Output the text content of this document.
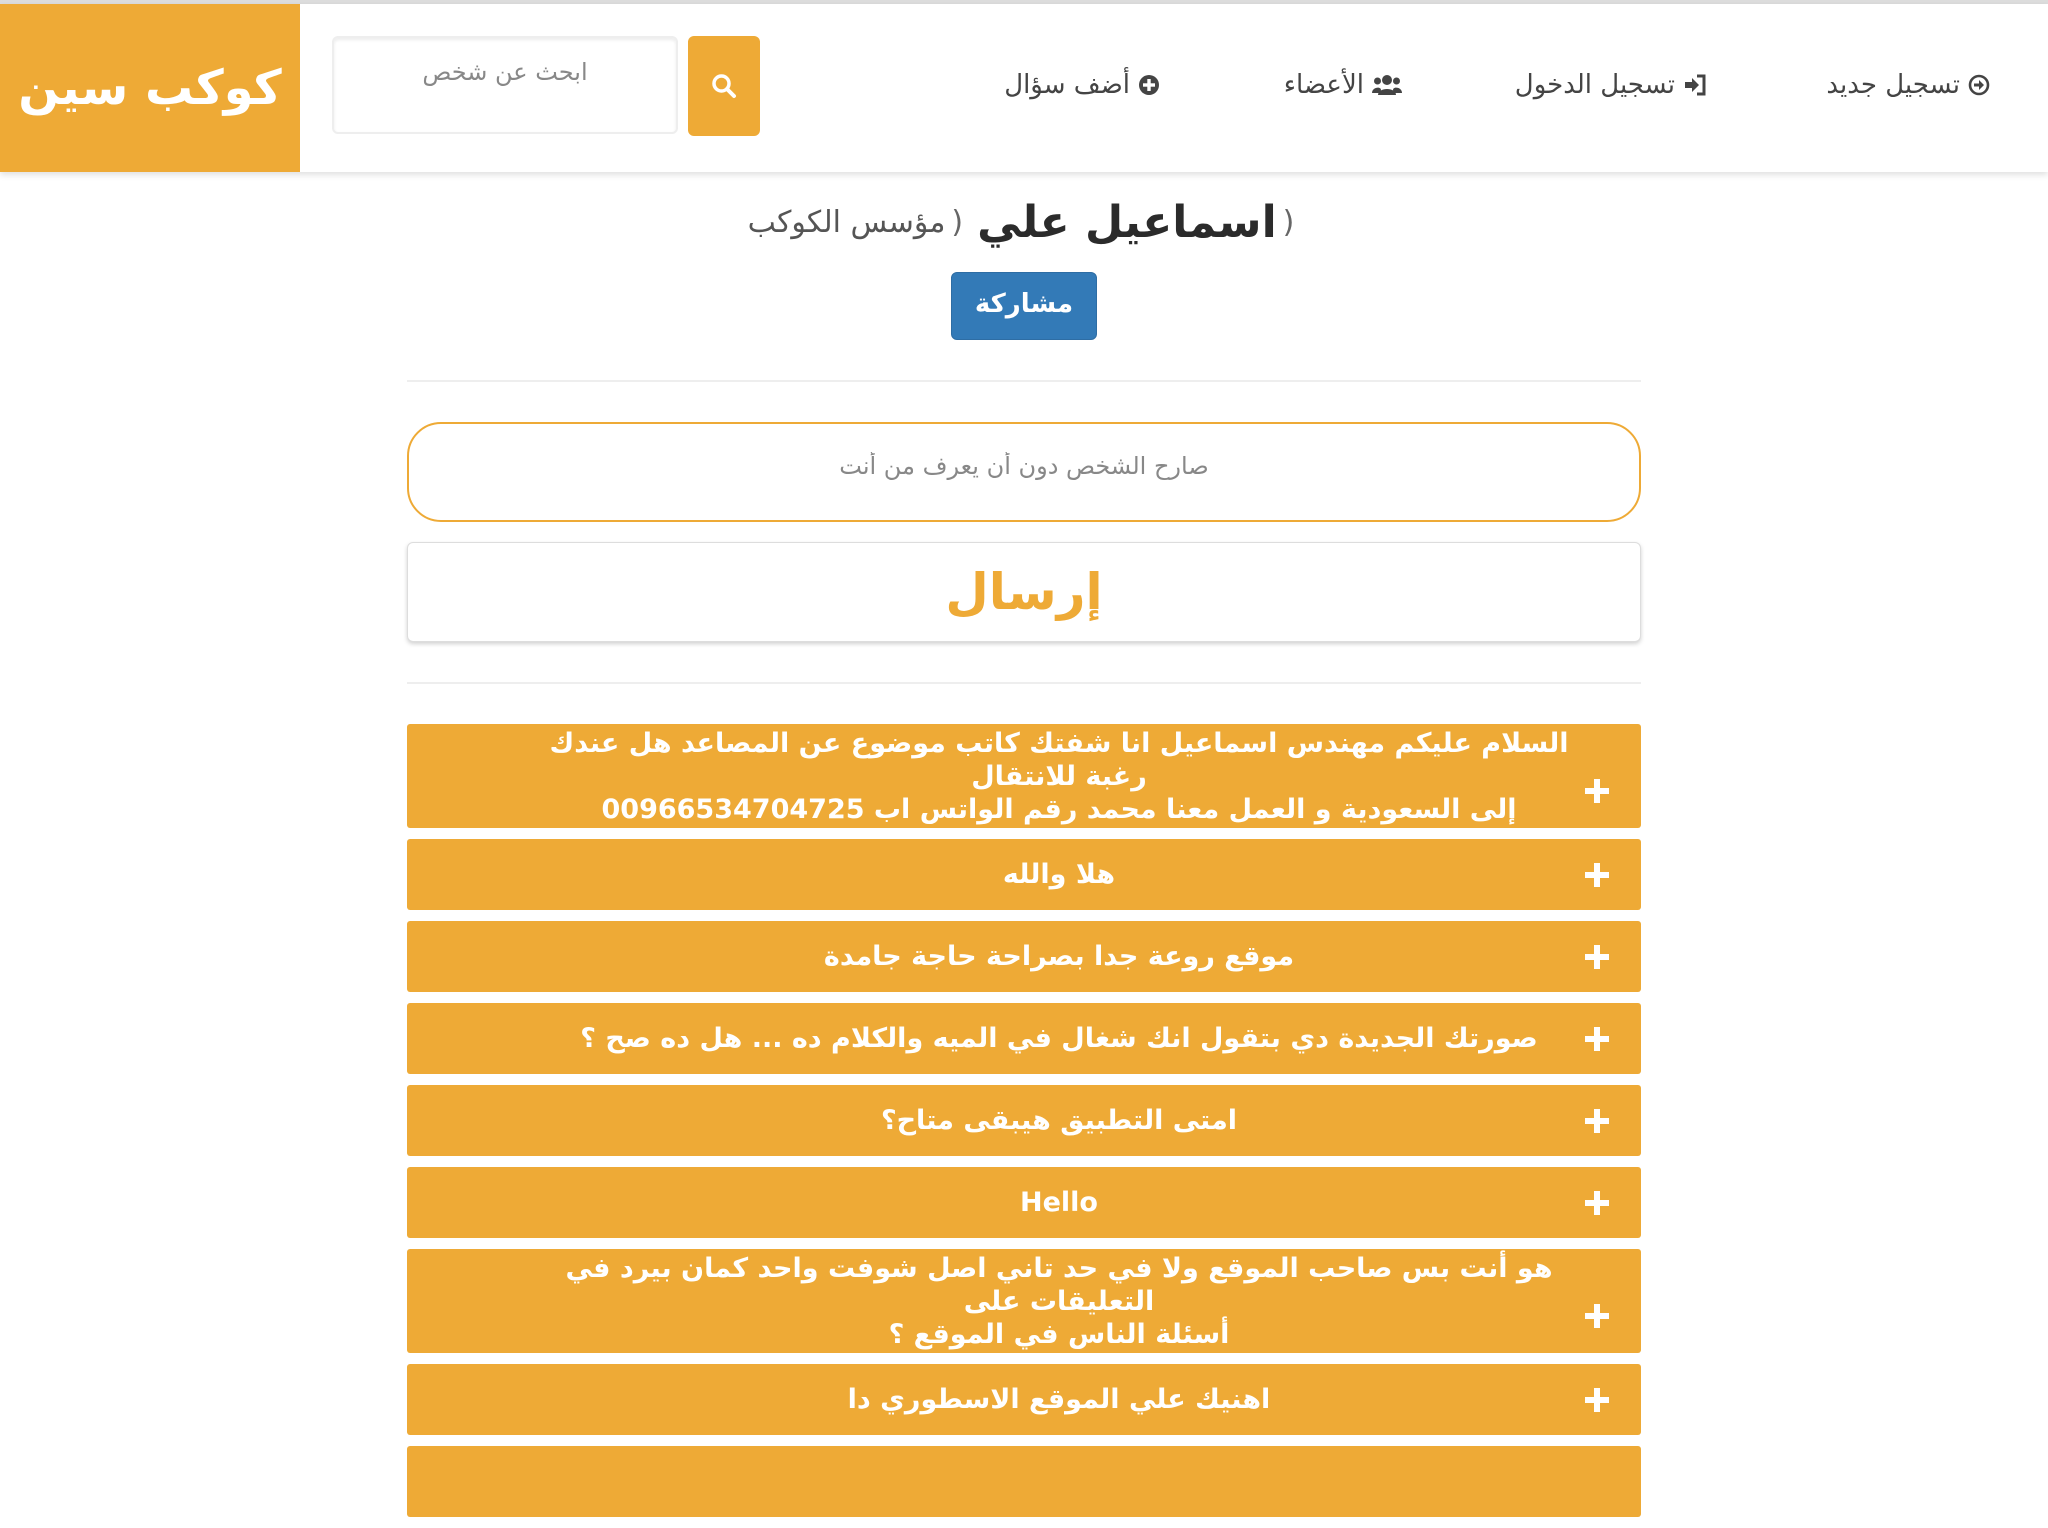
كوكب سين
ابحث عن شخص	أضف سؤال	الأعضاء	تسجيل الدخول	تسجيل جديد
(
اسماعيل علي
(
مؤسس الكوكب
مشاركة
صارح الشخص دون أن يعرف من أنت
إرسال
السلام عليكم مهندس اسماعيل انا شفتك كاتب موضوع عن المصاعد هل عندك رغبة للانتقال
إلى السعودية و العمل معنا محمد رقم الواتس اب 00966534704725
هلا والله
موقع روعة جدا بصراحة حاجة جامدة
صورتك الجديدة دي بتقول انك شغال في الميه والكلام ده ... هل ده صح ؟
امتى التطبيق هيبقى متاح؟
Hello
هو أنت بس صاحب الموقع ولا في حد تاني اصل شوفت واحد كمان بيرد في التعليقات على
أسئلة الناس في الموقع ؟
اهنيك علي الموقع الاسطوري دا
